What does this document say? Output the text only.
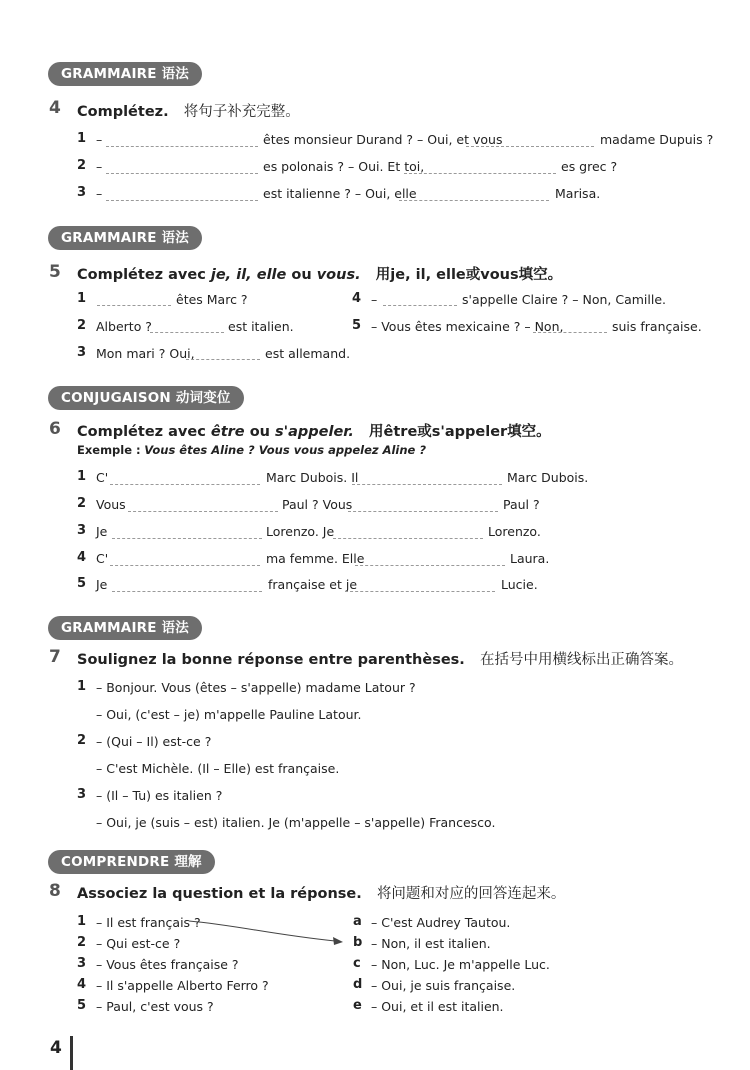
GRAMMAIRE 语法
4 Complétez. 将句子补充完整。
1 –	êtes monsieur Durand ? – Oui, et vous	madame Dupuis ?
2 –	es polonais ? – Oui. Et toi,	es grec ?
3 –	est italienne ? – Oui, elle	Marisa.
GRAMMAIRE 语法
5 Complétez avec je, il, elle ou vous. 用je, il, elle或vous填空。
1	êtes Marc ?
2 Alberto ?	est italien.
3 Mon mari ? Oui,	est allemand.
4 –	s'appelle Claire ? – Non, Camille.
5 – Vous êtes mexicaine ? – Non,	suis française.
CONJUGAISON 动词变位
6 Complétez avec être ou s'appeler. 用être或s'appeler填空。
Exemple : Vous êtes Aline ? Vous vous appelez Aline ?
1 C'	Marc Dubois. Il	Marc Dubois.
2 Vous	Paul ? Vous	Paul ?
3 Je	Lorenzo. Je	Lorenzo.
4 C'	ma femme. Elle	Laura.
5 Je	française et je	Lucie.
GRAMMAIRE 语法
7 Soulignez la bonne réponse entre parenthèses. 在括号中用横线标出正确答案。
1 – Bonjour. Vous (êtes – s'appelle) madame Latour ?
– Oui, (c'est – je) m'appelle Pauline Latour.
2 – (Qui – Il) est-ce ?
– C'est Michèle. (Il – Elle) est française.
3 – (Il – Tu) es italien ?
– Oui, je (suis – est) italien. Je (m'appelle – s'appelle) Francesco.
COMPRENDRE 理解
8 Associez la question et la réponse. 将问题和对应的回答连起来。
1 – Il est français ?
2 – Qui est-ce ?
3 – Vous êtes française ?
4 – Il s'appelle Alberto Ferro ?
5 – Paul, c'est vous ?
a – C'est Audrey Tautou.
b – Non, il est italien.
c – Non, Luc. Je m'appelle Luc.
d – Oui, je suis française.
e – Oui, et il est italien.
4
